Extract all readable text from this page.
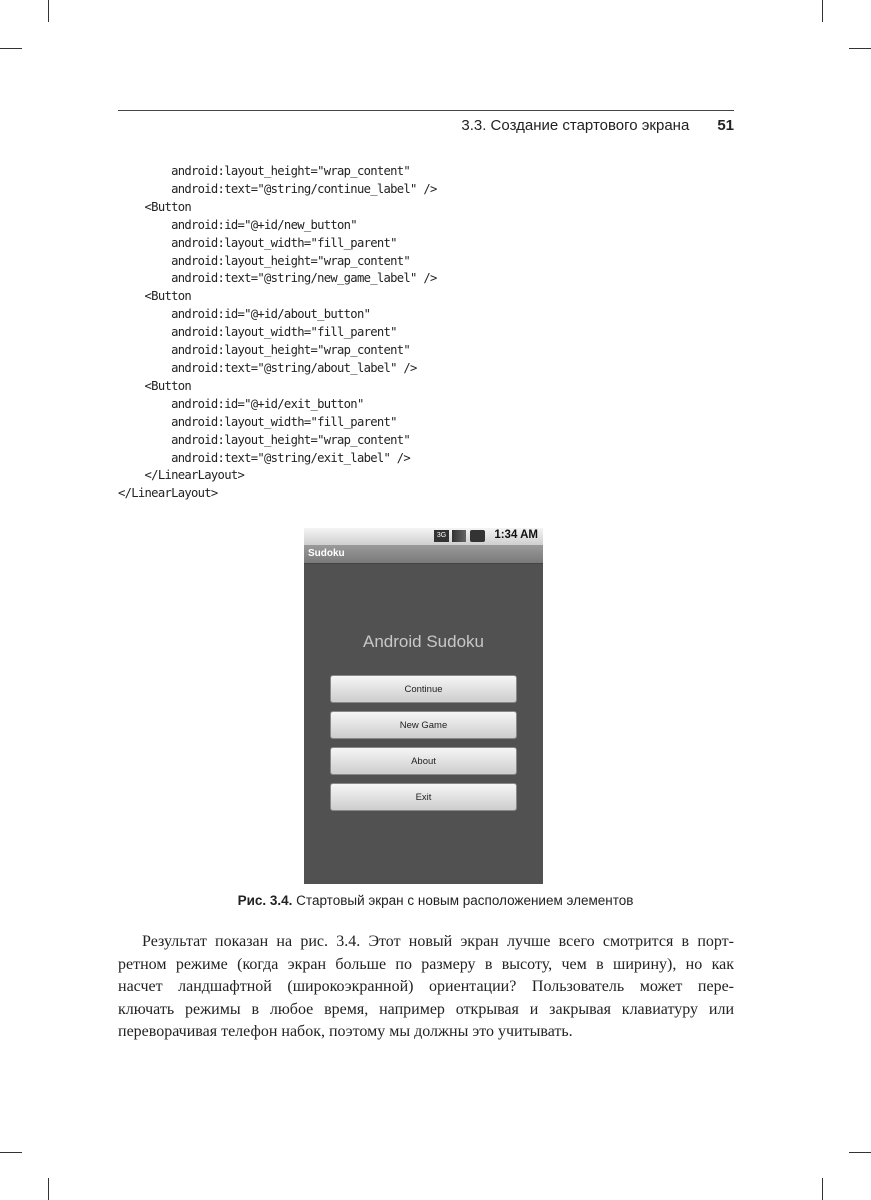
3.3. Создание стартового экрана 51
android:layout_height="wrap_content"
android:text="@string/continue_label" />
<Button
android:id="@+id/new_button"
android:layout_width="fill_parent"
android:layout_height="wrap_content"
android:text="@string/new_game_label" />
<Button
android:id="@+id/about_button"
android:layout_width="fill_parent"
android:layout_height="wrap_content"
android:text="@string/about_label" />
<Button
android:id="@+id/exit_button"
android:layout_width="fill_parent"
android:layout_height="wrap_content"
android:text="@string/exit_label" />
</LinearLayout>
</LinearLayout>
3G	1:34 AM
Sudoku
Android Sudoku
Continue
New Game
About
Exit
Рис. 3.4. Стартовый экран с новым расположением элементов

Результат показан на рис. 3.4. Этот новый экран лучше всего смотрится в порт-
ретном режиме (когда экран больше по размеру в высоту, чем в ширину), но как
насчет ландшафтной (широкоэкранной) ориентации? Пользователь может пере-
ключать режимы в любое время, например открывая и закрывая клавиатуру или
переворачивая телефон набок, поэтому мы должны это учитывать.
